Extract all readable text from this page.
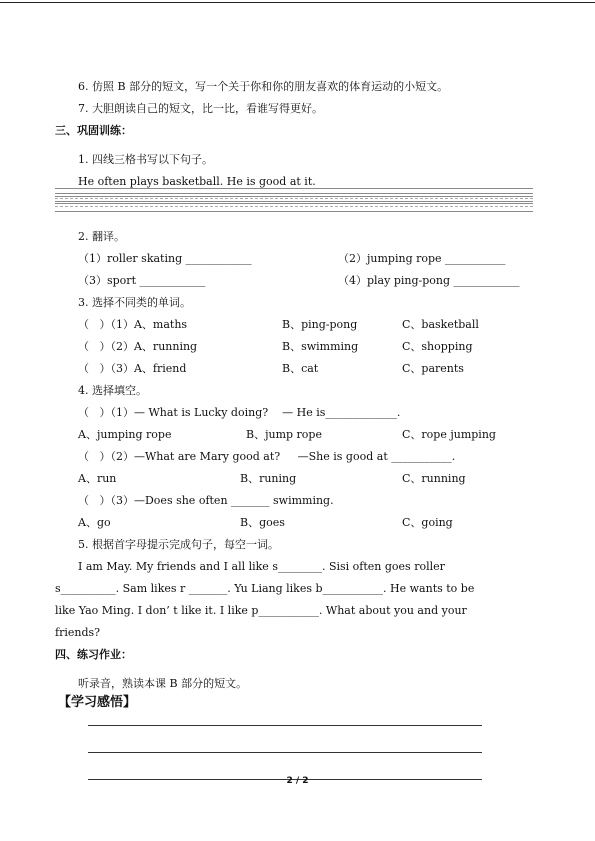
6. 仿照 B 部分的短文，写一个关于你和你的朋友喜欢的体育运动的小短文。
7. 大胆朗读自己的短文，比一比，看谁写得更好。
三、巩固训练：
1. 四线三格书写以下句子。
He often plays basketball. He is good at it.
2. 翻译。
（1）roller skating ____________	（2）jumping rope ___________
（3）sport ____________	（4）play ping-pong ____________
3. 选择不同类的单词。
（   ）（1）A、maths	B、ping-pong	C、basketball
（   ）（2）A、running	B、swimming	C、shopping
（   ）（3）A、friend	B、cat	C、parents
4. 选择填空。
（   ）（1）— What is Lucky doing?    — He is_____________.
A、jumping rope	B、jump rope	C、rope jumping
（   ）（2）—What are Mary good at?     —She is good at ___________.
A、run	B、runing	C、running
（   ）（3）—Does she often _______ swimming.
A、go	B、goes	C、going
5. 根据首字母提示完成句子，每空一词。
I am May. My friends and I all like s________. Sisi often goes roller
s__________. Sam likes r _______. Yu Liang likes b___________. He wants to be
like Yao Ming. I don’ t like it. I like p___________. What about you and your
friends?
四、练习作业：
听录音，熟读本课 B 部分的短文。
【学习感悟】
2 / 2
